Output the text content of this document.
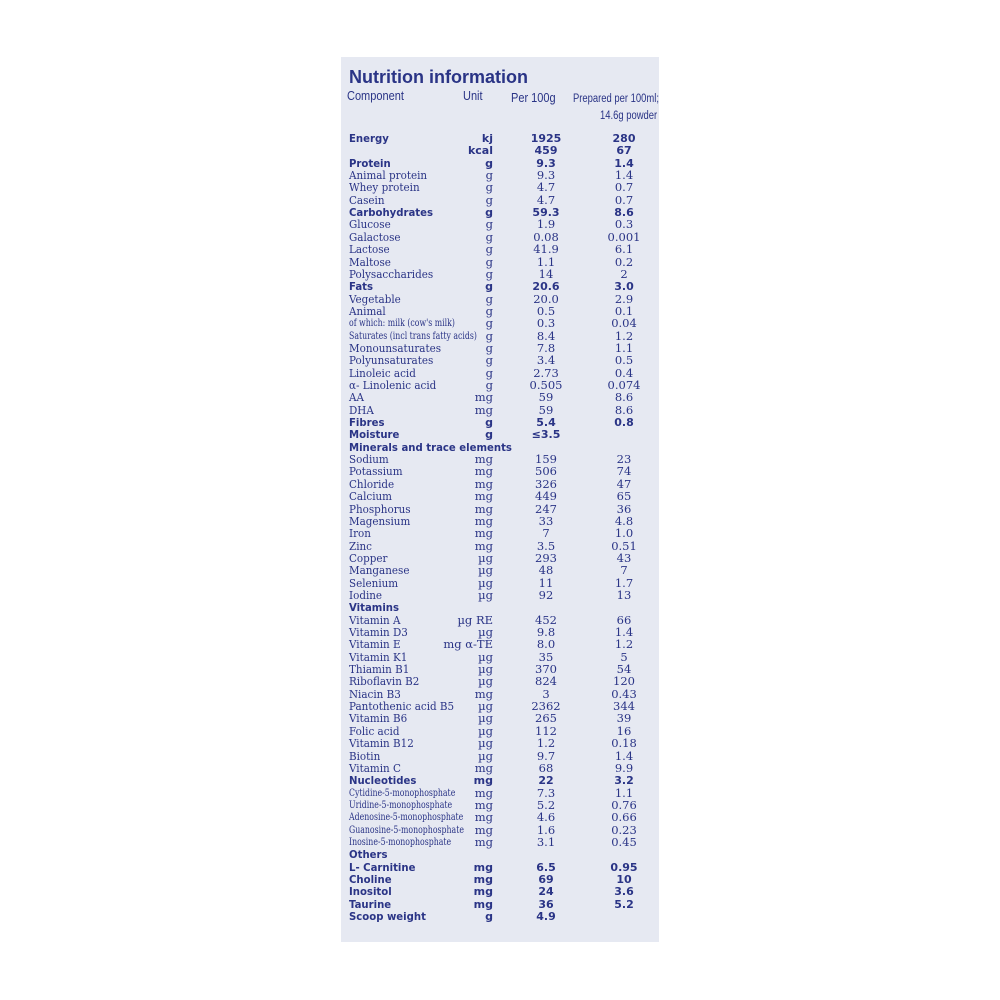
Nutrition information
Component	Unit Per 100g Prepared per 100ml;
14.6g powder
Energy	kj	1925	280
kcal	459	67
Protein	g	9.3	1.4
Animal protein	g	9.3	1.4
Whey protein	g	4.7	0.7
Casein	g	4.7	0.7
Carbohydrates	g	59.3	8.6
Glucose	g	1.9	0.3
Galactose	g	0.08	0.001
Lactose	g	41.9	6.1
Maltose	g	1.1	0.2
Polysaccharides	g	14	2
Fats	g	20.6	3.0
Vegetable	g	20.0	2.9
Animal	g	0.5	0.1
of which: milk (cow's milk)	g	0.3	0.04
Saturates (incl trans fatty acids) g	8.4	1.2
Monounsaturates	g	7.8	1.1
Polyunsaturates	g	3.4	0.5
Linoleic acid	g	2.73	0.4
α- Linolenic acid	g	0.505	0.074
AA	mg	59	8.6
DHA	mg	59	8.6
Fibres	g	5.4	0.8
Moisture	g	≤3.5
Minerals and trace elements
Sodium	mg	159	23
Potassium	mg	506	74
Chloride	mg	326	47
Calcium	mg	449	65
Phosphorus	mg	247	36
Magensium	mg	33	4.8
Iron	mg	7	1.0
Zinc	mg	3.5	0.51
Copper	µg	293	43
Manganese	µg	48	7
Selenium	µg	11	1.7
Iodine	µg	92	13
Vitamins
Vitamin A	µg RE	452	66
Vitamin D3	µg	9.8	1.4
Vitamin E	mg α-TE	8.0	1.2
Vitamin K1	µg	35	5
Thiamin B1	µg	370	54
Riboflavin B2	µg	824	120
Niacin B3	mg	3	0.43
Pantothenic acid B5 µg	2362	344
Vitamin B6	µg	265	39
Folic acid	µg	112	16
Vitamin B12	µg	1.2	0.18
Biotin	µg	9.7	1.4
Vitamin C	mg	68	9.9
Nucleotides	mg	22	3.2
Cytidine-5-monophosphate mg	7.3	1.1
Uridine-5-monophosphate mg	5.2	0.76
Adenosine-5-monophosphate mg	4.6	0.66
Guanosine-5-monophosphate mg	1.6	0.23
Inosine-5-monophosphate mg	3.1	0.45
Others
L- Carnitine	mg	6.5	0.95
Choline	mg	69	10
Inositol	mg	24	3.6
Taurine	mg	36	5.2
Scoop weight	g	4.9
